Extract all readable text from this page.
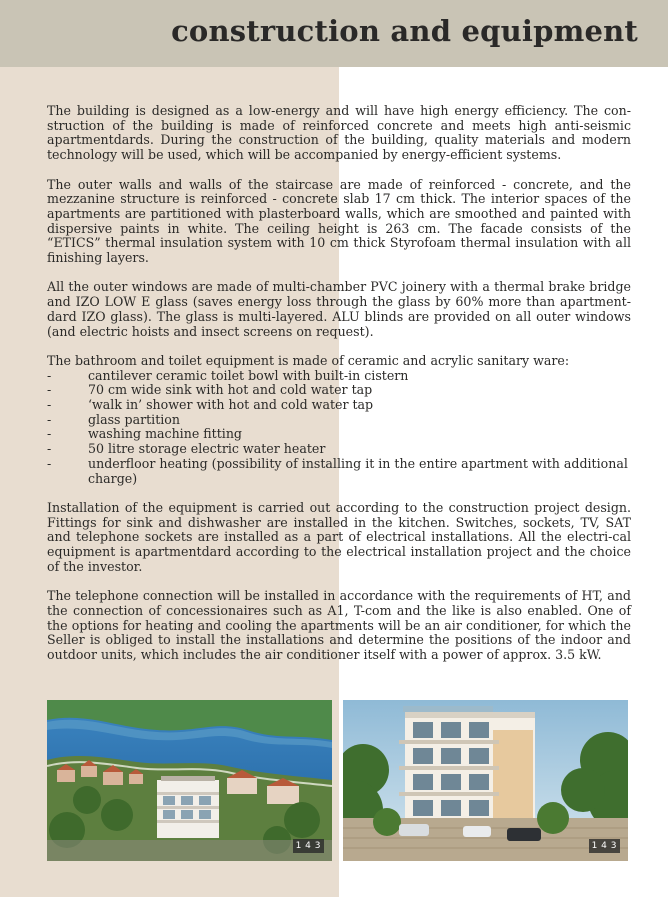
construction and equipment

The building is designed as a low-energy and will have high energy efficiency. The con-struction of the building is made of reinforced concrete and meets high anti-seismic apartmentdards. During the construction of the building, quality materials and modern technology will be used, which will be accompanied by energy-efficient systems.

The outer walls and walls of the staircase are made of reinforced - concrete, and the mezzanine structure is reinforced - concrete slab 17 cm thick. The interior spaces of the apartments are partitioned with plasterboard walls, which are smoothed and painted with dispersive paints in white. The ceiling height is 263 cm. The facade consists of the “ETICS” thermal insulation system with 10 cm thick Styrofoam thermal insulation with all finishing layers.

All the outer windows are made of multi-chamber PVC joinery with a thermal brake bridge and IZO LOW E glass (saves energy loss through the glass by 60% more than apartment-dard IZO glass). The glass is multi-layered. ALU blinds are provided on all outer windows (and electric hoists and insect screens on request).

The bathroom and toilet equipment is made of ceramic and acrylic sanitary ware:

-	cantilever ceramic toilet bowl with built-in cistern
-	70 cm wide sink with hot and cold water tap
-	‘walk in’ shower with hot and cold water tap
-	glass partition
-	washing machine fitting
-	50 litre storage electric water heater
-	underfloor heating (possibility of installing it in the entire apartment with additional charge)

Installation of the equipment is carried out according to the construction project design. Fittings for sink and dishwasher are installed in the kitchen. Switches, sockets, TV, SAT and telephone sockets are installed as a part of electrical installations. All the electri-cal equipment is apartmentdard according to the electrical installation project and the choice of the investor.

The telephone connection will be installed in accordance with the requirements of HT, and the connection of concessionaires such as A1, T-com and the like is also enabled. One of the options for heating and cooling the apartments will be an air conditioner, for which the Seller is obliged to install the installations and determine the positions of the indoor and outdoor units, which includes the air conditioner itself with a power of approx. 3.5 kW.

1 4 3	1 4 3
